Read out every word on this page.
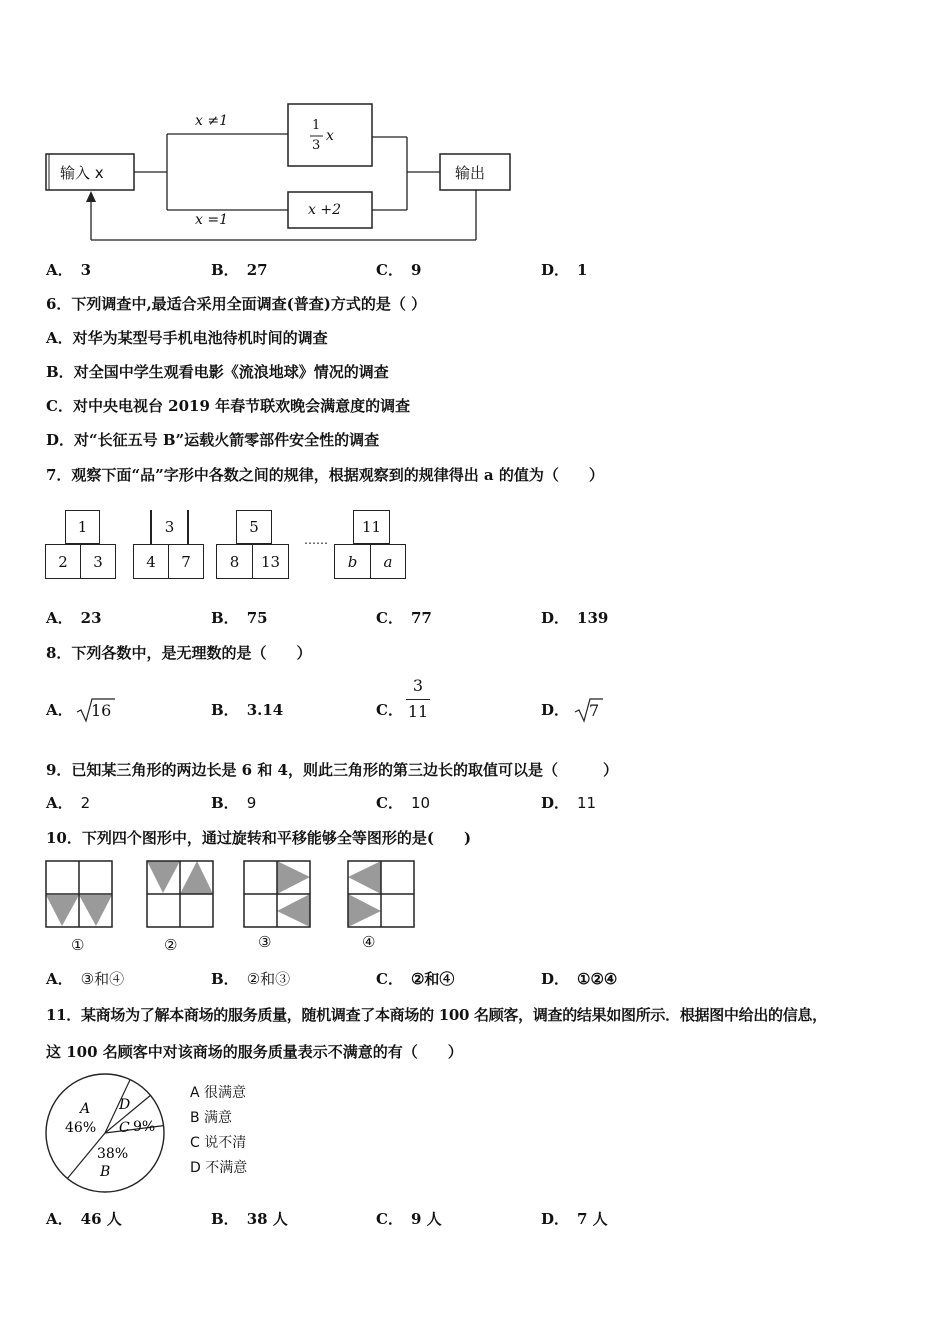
输入 x
x ≠1
x =1
1
3
x
x +2
输出
A． 3	B． 27	C． 9	D． 1
6．下列调查中,最适合采用全面调查(普查)方式的是（ ）
A．对华为某型号手机电池待机时间的调查
B．对全国中学生观看电影《流浪地球》情况的调查
C．对中央电视台 2019 年春节联欢晚会满意度的调查
D．对“长征五号 B”运载火箭零部件安全性的调查
7．观察下面“品”字形中各数之间的规律，根据观察到的规律得出 a 的值为（　　）
1
2	3
3
4	7
5
8	13
……
11
b	a
A． 23	B． 75	C． 77	D． 139
8．下列各数中，是无理数的是（　　）
A．	16	B． 3.14	C．
3
11	D．	7
9．已知某三角形的两边长是 6 和 4，则此三角形的第三边长的取值可以是（　　　）
A． 2	B． 9	C． 10	D． 11
10．下列四个图形中，通过旋转和平移能够全等图形的是(　　)
①	②	③	④
A． ③和④	B． ②和③	C． ②和④	D． ①②④
11．某商场为了解本商场的服务质量，随机调查了本商场的 100 名顾客，调查的结果如图所示．根据图中给出的信息，
这 100 名顾客中对该商场的服务质量表示不满意的有（　　）
A
46%
D
C 9%
38%
B
A 很满意
B 满意
C 说不清
D 不满意
A． 46 人	B． 38 人	C． 9 人	D． 7 人
